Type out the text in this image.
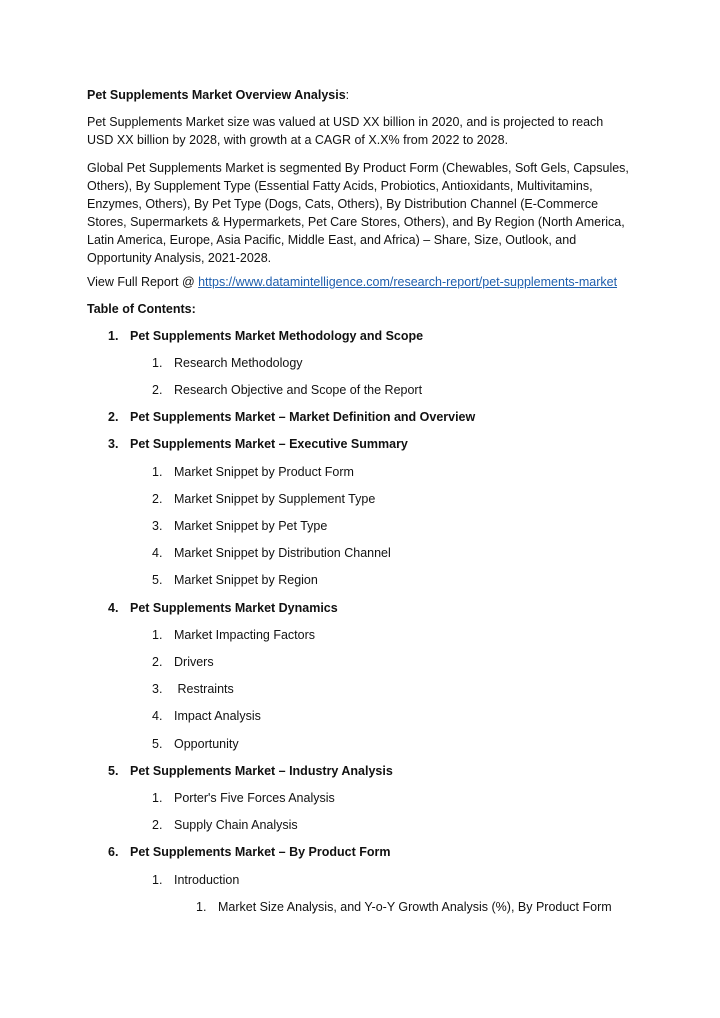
Pet Supplements Market Overview Analysis:

Pet Supplements Market size was valued at USD XX billion in 2020, and is projected to reach USD XX billion by 2028, with growth at a CAGR of X.X% from 2022 to 2028.

Global Pet Supplements Market is segmented By Product Form (Chewables, Soft Gels, Capsules, Others), By Supplement Type (Essential Fatty Acids, Probiotics, Antioxidants, Multivitamins, Enzymes, Others), By Pet Type (Dogs, Cats, Others), By Distribution Channel (E-Commerce Stores, Supermarkets & Hypermarkets, Pet Care Stores, Others), and By Region (North America, Latin America, Europe, Asia Pacific, Middle East, and Africa) – Share, Size, Outlook, and Opportunity Analysis, 2021-2028.

View Full Report @ https://www.datamintelligence.com/research-report/pet-supplements-market

Table of Contents:

1. Pet Supplements Market Methodology and Scope
1. Research Methodology
2. Research Objective and Scope of the Report
2. Pet Supplements Market – Market Definition and Overview
3. Pet Supplements Market – Executive Summary
1. Market Snippet by Product Form
2. Market Snippet by Supplement Type
3. Market Snippet by Pet Type
4. Market Snippet by Distribution Channel
5. Market Snippet by Region
4. Pet Supplements Market Dynamics
1. Market Impacting Factors
2. Drivers
3. Restraints
4. Impact Analysis
5. Opportunity
5. Pet Supplements Market – Industry Analysis
1. Porter's Five Forces Analysis
2. Supply Chain Analysis
6. Pet Supplements Market – By Product Form
1. Introduction
1. Market Size Analysis, and Y-o-Y Growth Analysis (%), By Product Form
